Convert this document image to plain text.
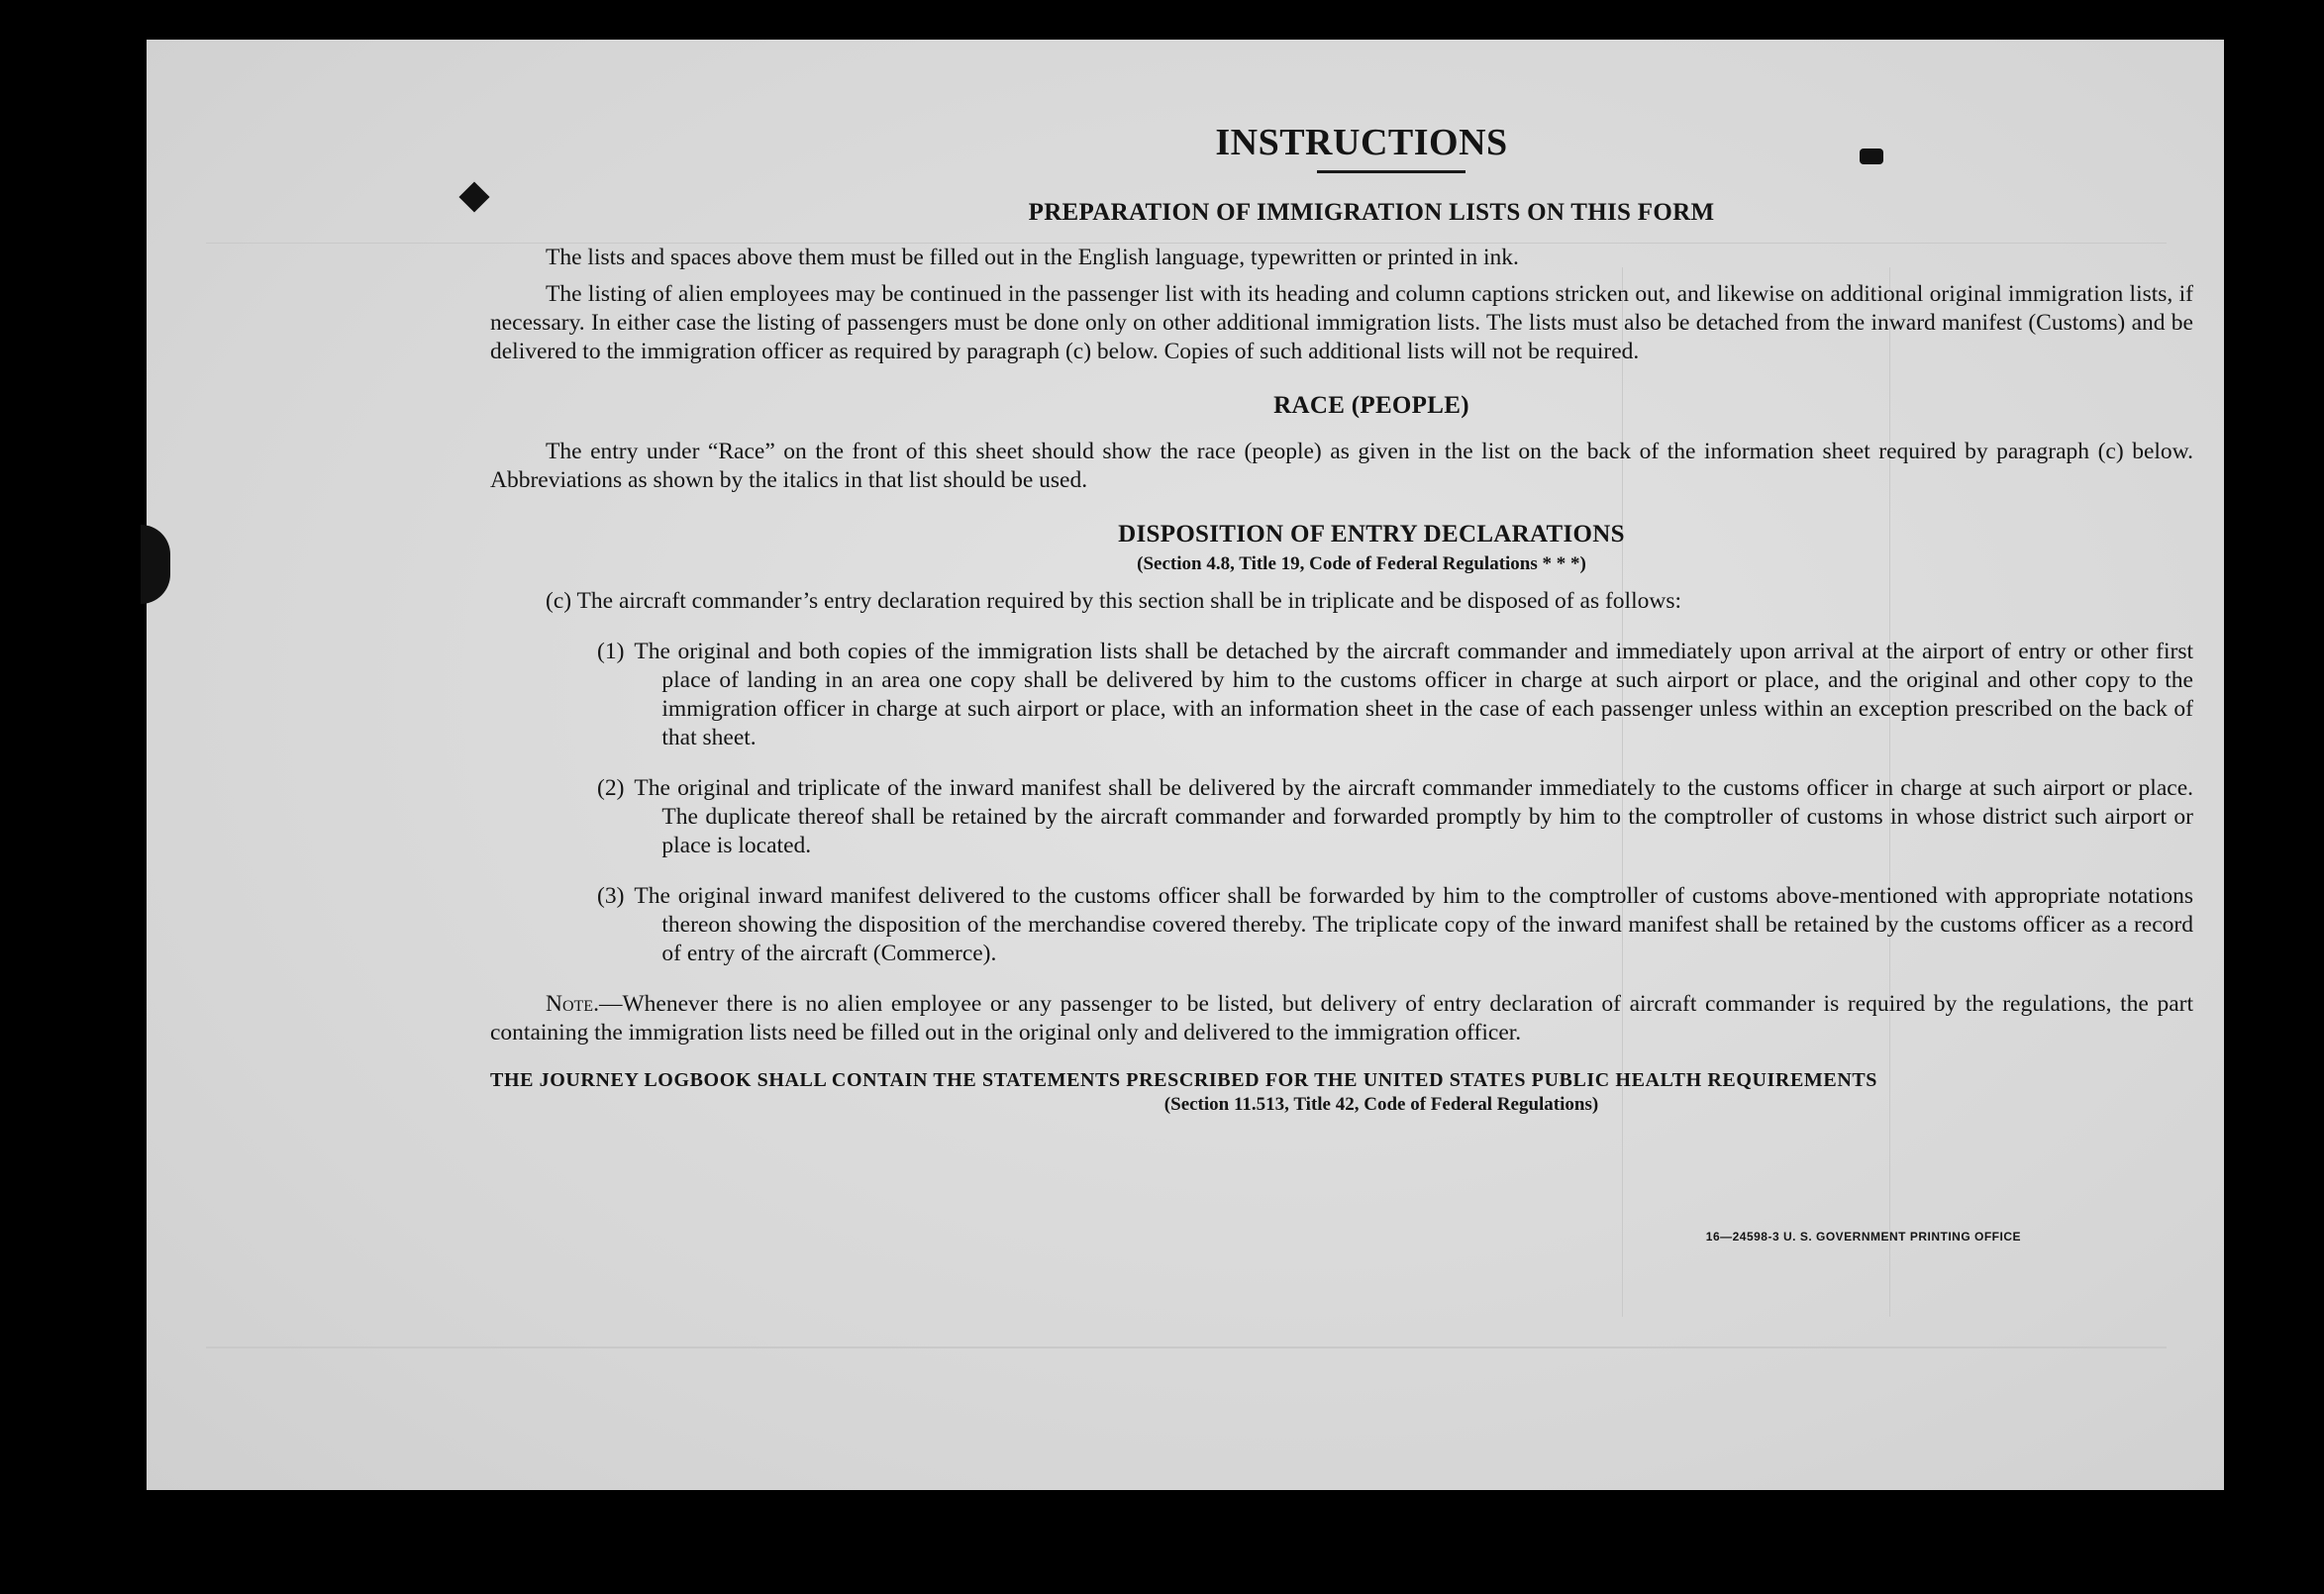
INSTRUCTIONS
PREPARATION OF IMMIGRATION LISTS ON THIS FORM

The lists and spaces above them must be filled out in the English language, typewritten or printed in ink.

The listing of alien employees may be continued in the passenger list with its heading and column captions stricken out, and likewise on additional original immigration lists, if necessary. In either case the listing of passengers must be done only on other additional immigration lists. The lists must also be detached from the inward manifest (Customs) and be delivered to the immigration officer as required by paragraph (c) below. Copies of such additional lists will not be required.

RACE (PEOPLE)

The entry under “Race” on the front of this sheet should show the race (people) as given in the list on the back of the information sheet required by paragraph (c) below. Abbreviations as shown by the italics in that list should be used.

DISPOSITION OF ENTRY DECLARATIONS
(Section 4.8, Title 19, Code of Federal Regulations * * *)

(c) The aircraft commander’s entry declaration required by this section shall be in triplicate and be disposed of as follows:

(1) The original and both copies of the immigration lists shall be detached by the aircraft commander and immediately upon arrival at the airport of entry or other first place of landing in an area one copy shall be delivered by him to the customs officer in charge at such airport or place, and the original and other copy to the immigration officer in charge at such airport or place, with an information sheet in the case of each passenger unless within an exception prescribed on the back of that sheet.
(2) The original and triplicate of the inward manifest shall be delivered by the aircraft commander immediately to the customs officer in charge at such airport or place. The duplicate thereof shall be retained by the aircraft commander and forwarded promptly by him to the comptroller of customs in whose district such airport or place is located.
(3) The original inward manifest delivered to the customs officer shall be forwarded by him to the comptroller of customs above-mentioned with appropriate notations thereon showing the disposition of the merchandise covered thereby. The triplicate copy of the inward manifest shall be retained by the customs officer as a record of entry of the aircraft (Commerce).

Note.—Whenever there is no alien employee or any passenger to be listed, but delivery of entry declaration of aircraft commander is required by the regulations, the part containing the immigration lists need be filled out in the original only and delivered to the immigration officer.

THE JOURNEY LOGBOOK SHALL CONTAIN THE STATEMENTS PRESCRIBED FOR THE UNITED STATES PUBLIC HEALTH REQUIREMENTS
(Section 11.513, Title 42, Code of Federal Regulations)
16—24598-3 U. S. GOVERNMENT PRINTING OFFICE
